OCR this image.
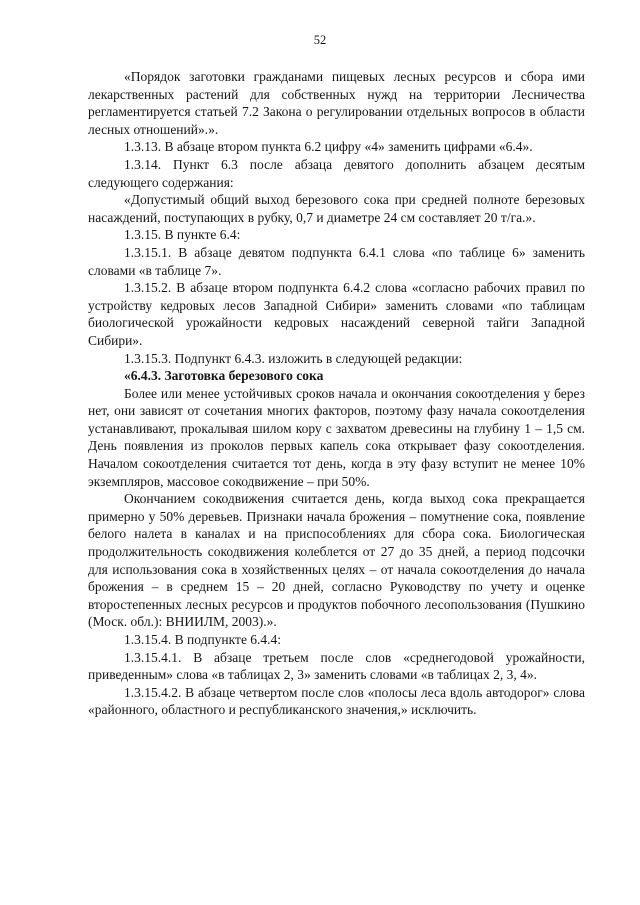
52

«Порядок заготовки гражданами пищевых лесных ресурсов и сбора ими лекарственных растений для собственных нужд на территории Лесничества регламентируется статьей 7.2 Закона о регулировании отдельных вопросов в области лесных отношений».».

1.3.13. В абзаце втором пункта 6.2 цифру «4» заменить цифрами «6.4».

1.3.14. Пункт 6.3 после абзаца девятого дополнить абзацем десятым следующего содержания:

«Допустимый общий выход березового сока при средней полноте березовых насаждений, поступающих в рубку, 0,7 и диаметре 24 см составляет 20 т/га.».

1.3.15. В пункте 6.4:

1.3.15.1. В абзаце девятом подпункта 6.4.1 слова «по таблице 6» заменить словами «в таблице 7».

1.3.15.2. В абзаце втором подпункта 6.4.2 слова «согласно рабочих правил по устройству кедровых лесов Западной Сибири» заменить словами «по таблицам биологической урожайности кедровых насаждений северной тайги Западной Сибири».

1.3.15.3. Подпункт 6.4.3. изложить в следующей редакции:

«6.4.3. Заготовка березового сока

Более или менее устойчивых сроков начала и окончания сокоотделения у берез нет, они зависят от сочетания многих факторов, поэтому фазу начала сокоотделения устанавливают, прокалывая шилом кору с захватом древесины на глубину 1 – 1,5 см. День появления из проколов первых капель сока открывает фазу сокоотделения. Началом сокоотделения считается тот день, когда в эту фазу вступит не менее 10% экземпляров, массовое сокодвижение – при 50%.

Окончанием сокодвижения считается день, когда выход сока прекращается примерно у 50% деревьев. Признаки начала брожения – помутнение сока, появление белого налета в каналах и на приспособлениях для сбора сока. Биологическая продолжительность сокодвижения колеблется от 27 до 35 дней, а период подсочки для использования сока в хозяйственных целях – от начала сокоотделения до начала брожения – в среднем 15 – 20 дней, согласно Руководству по учету и оценке второстепенных лесных ресурсов и продуктов побочного лесопользования (Пушкино (Моск. обл.): ВНИИЛМ, 2003).».

1.3.15.4. В подпункте 6.4.4:

1.3.15.4.1. В абзаце третьем после слов «среднегодовой урожайности, приведенным» слова «в таблицах 2, 3» заменить словами «в таблицах 2, 3, 4».

1.3.15.4.2. В абзаце четвертом после слов «полосы леса вдоль автодорог» слова «районного, областного и республиканского значения,» исключить.
